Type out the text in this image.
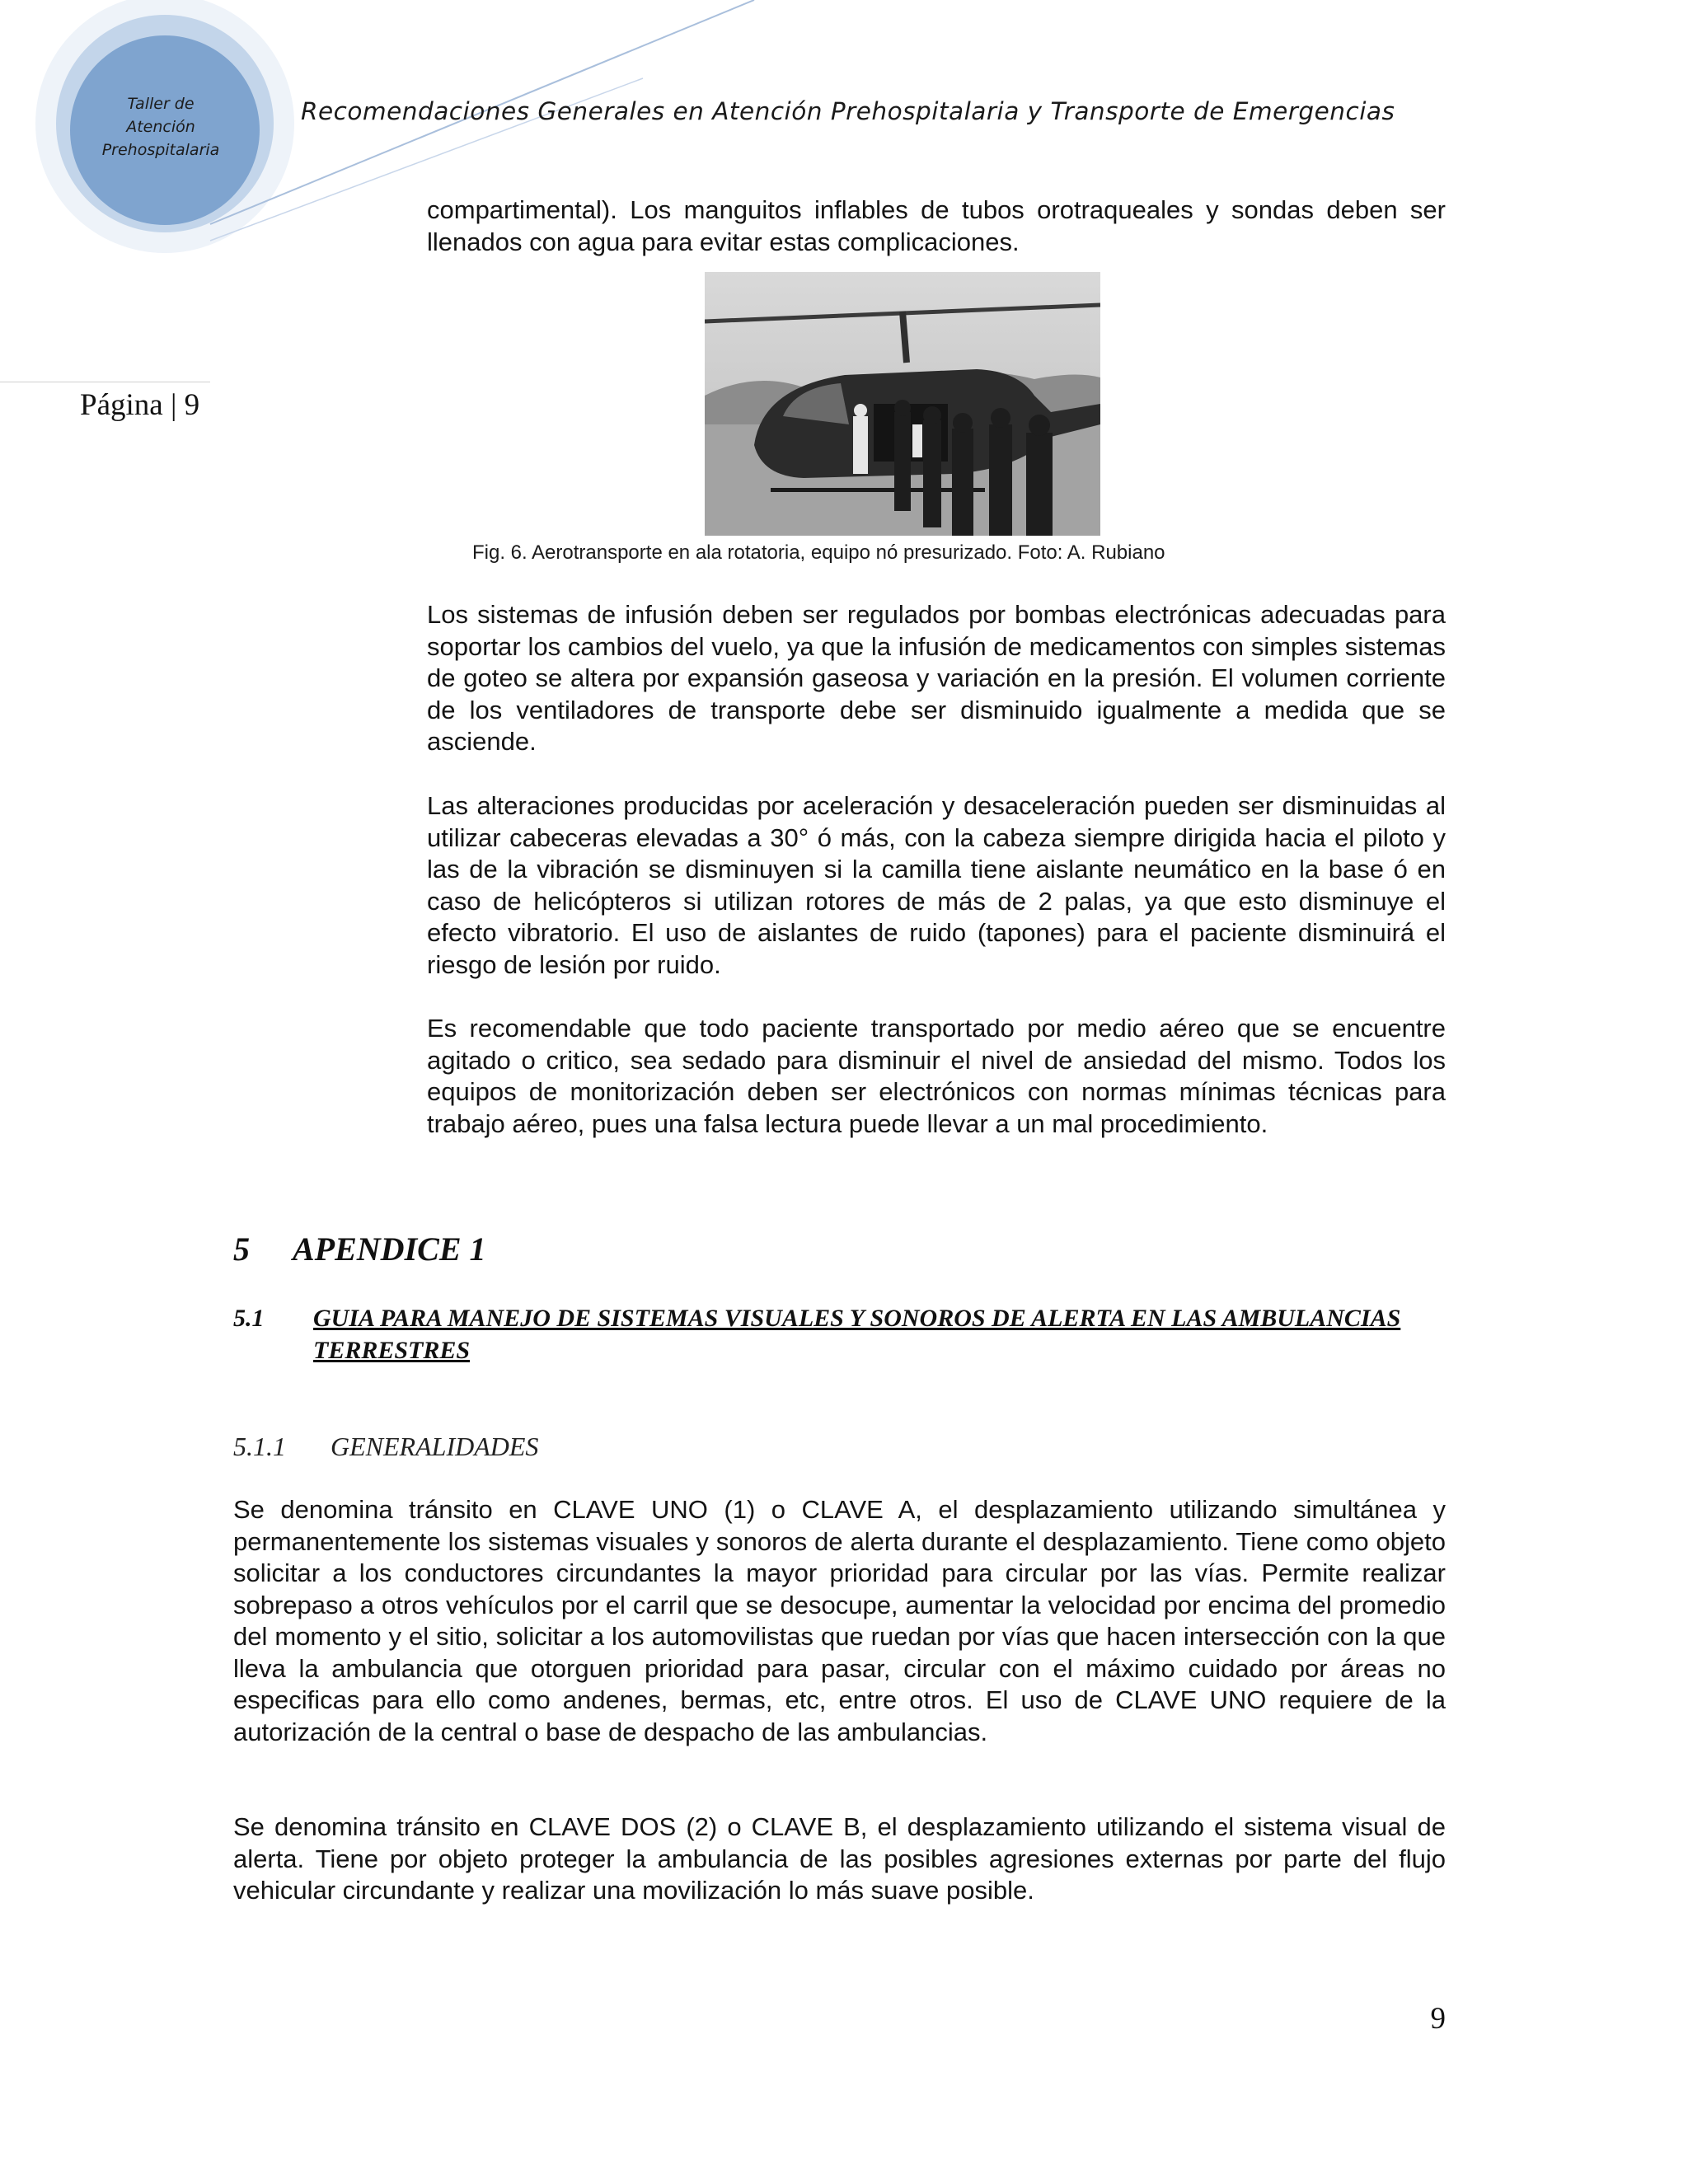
Taller de
Atención
Prehospitalaria
Recomendaciones Generales en Atención Prehospitalaria y Transporte de Emergencias
Página | 9

compartimental). Los manguitos inflables de tubos orotraqueales y sondas deben ser llenados con agua para evitar estas complicaciones.

Fig. 6. Aerotransporte en ala rotatoria, equipo nó presurizado. Foto: A. Rubiano

Los sistemas de infusión deben ser regulados por bombas electrónicas adecuadas para soportar los cambios del vuelo, ya que la infusión de medicamentos con simples sistemas de goteo se altera por expansión gaseosa y variación en la presión. El volumen corriente de los ventiladores de transporte debe ser disminuido igualmente a medida que se asciende.

Las alteraciones producidas por aceleración y desaceleración pueden ser disminuidas al utilizar cabeceras elevadas a 30° ó más, con la cabeza siempre dirigida hacia el piloto y las de la vibración se disminuyen si la camilla tiene aislante neumático en la base ó en caso de helicópteros si utilizan rotores de más de 2 palas, ya que esto disminuye el efecto vibratorio. El uso de aislantes de ruido (tapones) para el paciente disminuirá el riesgo de lesión por ruido.

Es recomendable que todo paciente transportado por medio aéreo que se encuentre agitado o critico, sea sedado para disminuir el nivel de ansiedad del mismo. Todos los equipos de monitorización deben ser electrónicos con normas mínimas técnicas para trabajo aéreo, pues una falsa lectura puede llevar a un mal procedimiento.

5 APENDICE 1
5.1 GUIA PARA MANEJO DE SISTEMAS VISUALES Y SONOROS DE ALERTA EN LAS AMBULANCIAS TERRESTRES
5.1.1 GENERALIDADES

Se denomina tránsito en CLAVE UNO (1) o CLAVE A, el desplazamiento utilizando simultánea y permanentemente los sistemas visuales y sonoros de alerta durante el desplazamiento. Tiene como objeto solicitar a los conductores circundantes la mayor prioridad para circular por las vías. Permite realizar sobrepaso a otros vehículos por el carril que se desocupe, aumentar la velocidad por encima del promedio del momento y el sitio, solicitar a los automovilistas que ruedan por vías que hacen intersección con la que lleva la ambulancia que otorguen prioridad para pasar, circular con el máximo cuidado por áreas no especificas para ello como andenes, bermas, etc, entre otros. El uso de CLAVE UNO requiere de la autorización de la central o base de despacho de las ambulancias.

Se denomina tránsito en CLAVE DOS (2) o CLAVE B, el desplazamiento utilizando el sistema visual de alerta. Tiene por objeto proteger la ambulancia de las posibles agresiones externas por parte del flujo vehicular circundante y realizar una movilización lo más suave posible.

9
